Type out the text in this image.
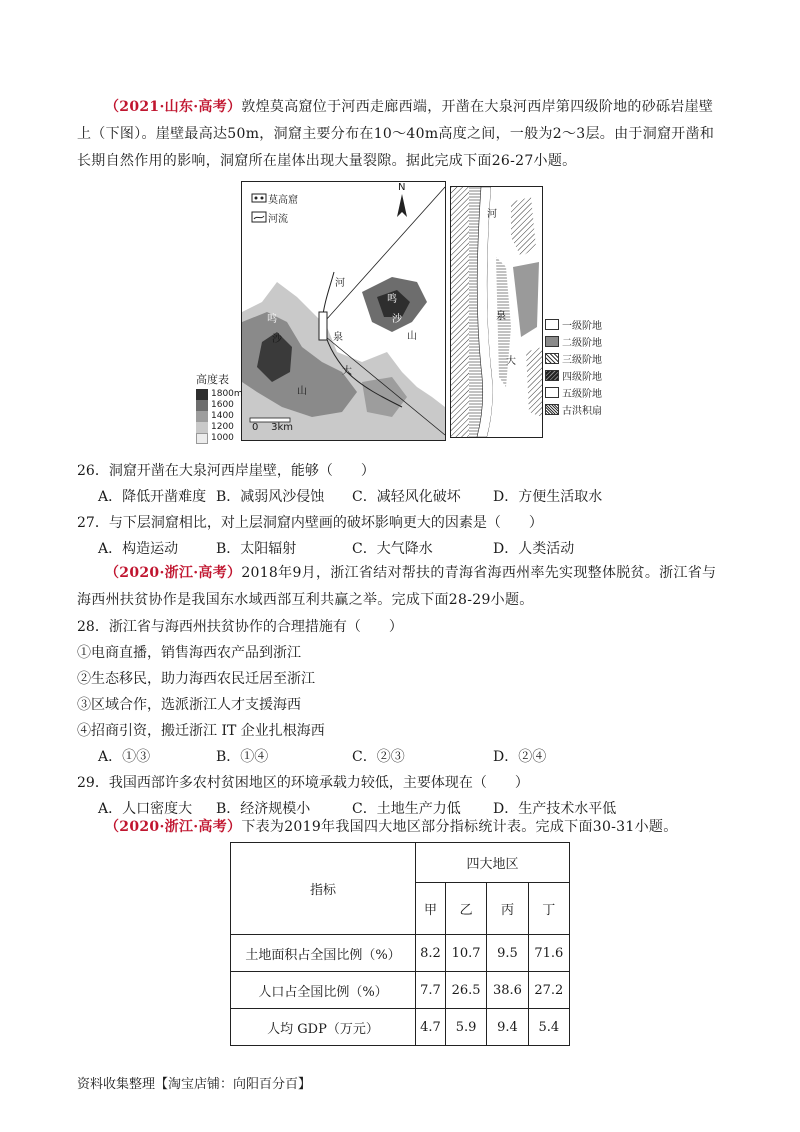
（2021·山东·高考）敦煌莫高窟位于河西走廊西端，开凿在大泉河西岸第四级阶地的砂砾岩崖壁上（下图）。崖壁最高达50m，洞窟主要分布在10～40m高度之间，一般为2～3层。由于洞窟开凿和长期自然作用的影响，洞窟所在崖体出现大量裂隙。据此完成下面26-27小题。
莫高窟
河流
N
河
泉
大
鸣
沙
山
鸣
沙
山
0    3km
高度表
1800m
1600
1400
1200
1000
河
泉
大
一级阶地
二级阶地
三级阶地
四级阶地
五级阶地
古洪积扇
26．洞窟开凿在大泉河西岸崖壁，能够（　　）
A．降低开凿难度 B．减弱风沙侵蚀 C．减轻风化破坏 D．方便生活取水
27．与下层洞窟相比，对上层洞窟内壁画的破坏影响更大的因素是（　　）
A．构造运动	B．太阳辐射	C．大气降水	D．人类活动
（2020·浙江·高考）2018年9月，浙江省结对帮扶的青海省海西州率先实现整体脱贫。浙江省与海西州扶贫协作是我国东水域西部互利共赢之举。完成下面28-29小题。
28．浙江省与海西州扶贫协作的合理措施有（　　）
①电商直播，销售海西农产品到浙江
②生态移民，助力海西农民迁居至浙江
③区域合作，选派浙江人才支援海西
④招商引资，搬迁浙江 IT 企业扎根海西
A．①③	B．①④	C．②③	D．②④
29．我国西部许多农村贫困地区的环境承载力较低，主要体现在（　　）
A．人口密度大 B．经济规模小	C．土地生产力低 D．生产技术水平低
（2020·浙江·高考）下表为2019年我国四大地区部分指标统计表。完成下面30-31小题。
指标	四大地区			
	甲	乙	丙	丁
土地面积占全国比例（%）	8.2	10.7	9.5	71.6
人口占全国比例（%）	7.7	26.5	38.6	27.2
人均 GDP（万元）	4.7	5.9	9.4	5.4
资料收集整理【淘宝店铺：向阳百分百】
